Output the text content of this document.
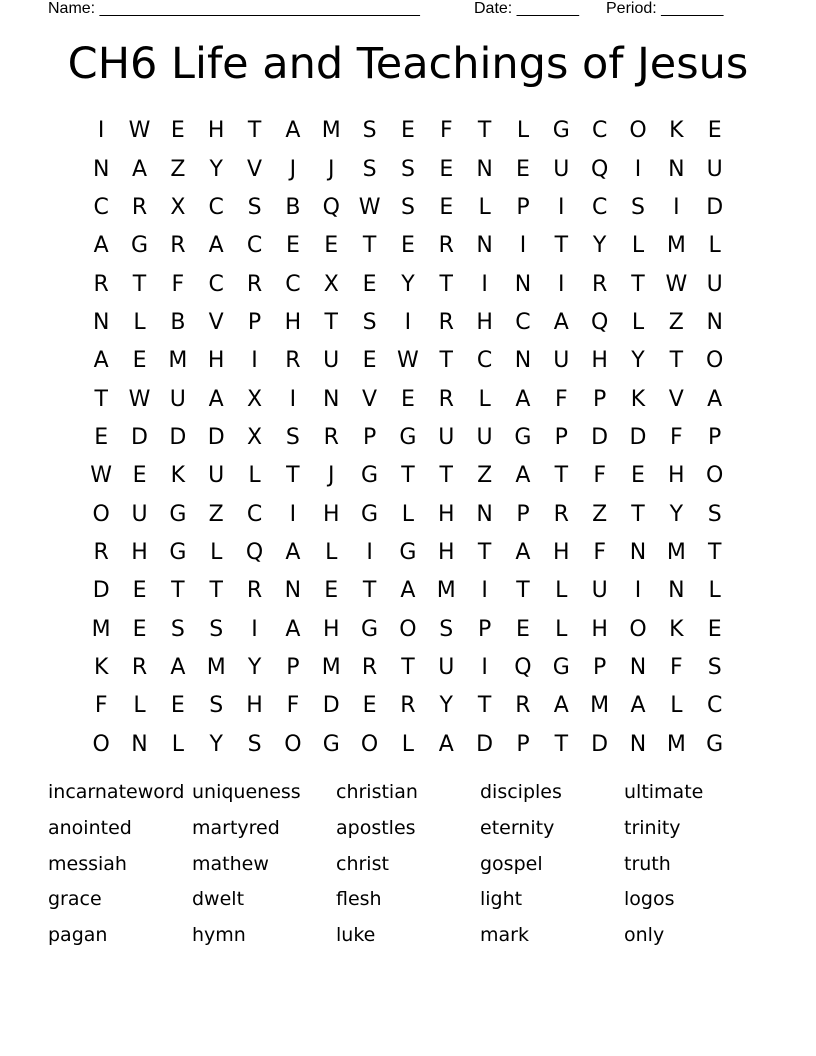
Name: ____________________________________	Date: _______ Period: _______
CH6 Life and Teachings of Jesus
I	W E	H	T	A M S	E	F	T	L	G	C O	K	E
N	A	Z	Y	V	J	J	S	S	E	N	E	U Q	I	N	U
C	R	X	C	S	B	Q W S	E	L	P	I	C	S	I	D
A	G	R	A	C	E	E	T	E	R	N	I	T	Y	L	M	L
R	T	F	C	R	C	X	E	Y	T	I	N	I	R	T W U
N	L	B	V	P	H	T	S	I	R	H	C	A	Q	L	Z	N
A	E M H	I	R	U	E W T	C	N	U	H	Y	T	O
T W U	A	X	I	N	V	E	R	L	A	F	P	K	V	A
E	D D D	X	S	R	P	G U	U G	P	D D	F	P
W E	K	U	L	T	J	G	T	T	Z	A	T	F	E	H O
O U G	Z	C	I	H G	L	H N	P	R	Z	T	Y	S
R	H G	L	Q	A	L	I	G H	T	A	H	F	N M	T
D	E	T	T	R	N	E	T	A M	I	T	L	U	I	N	L
M E	S	S	I	A	H G O	S	P	E	L	H O	K	E
K	R	A M	Y	P	M R	T	U	I	Q G	P	N	F	S
F	L	E	S	H	F	D	E	R	Y	T	R	A M A	L	C
O N	L	Y	S	O G O	L	A	D	P	T	D N M G
incarnateword uniqueness	christian	disciples	ultimate
anointed	martyred	apostles	eternity	trinity
messiah	mathew	christ	gospel	truth
grace	dwelt	flesh	light	logos
pagan	hymn	luke	mark	only
